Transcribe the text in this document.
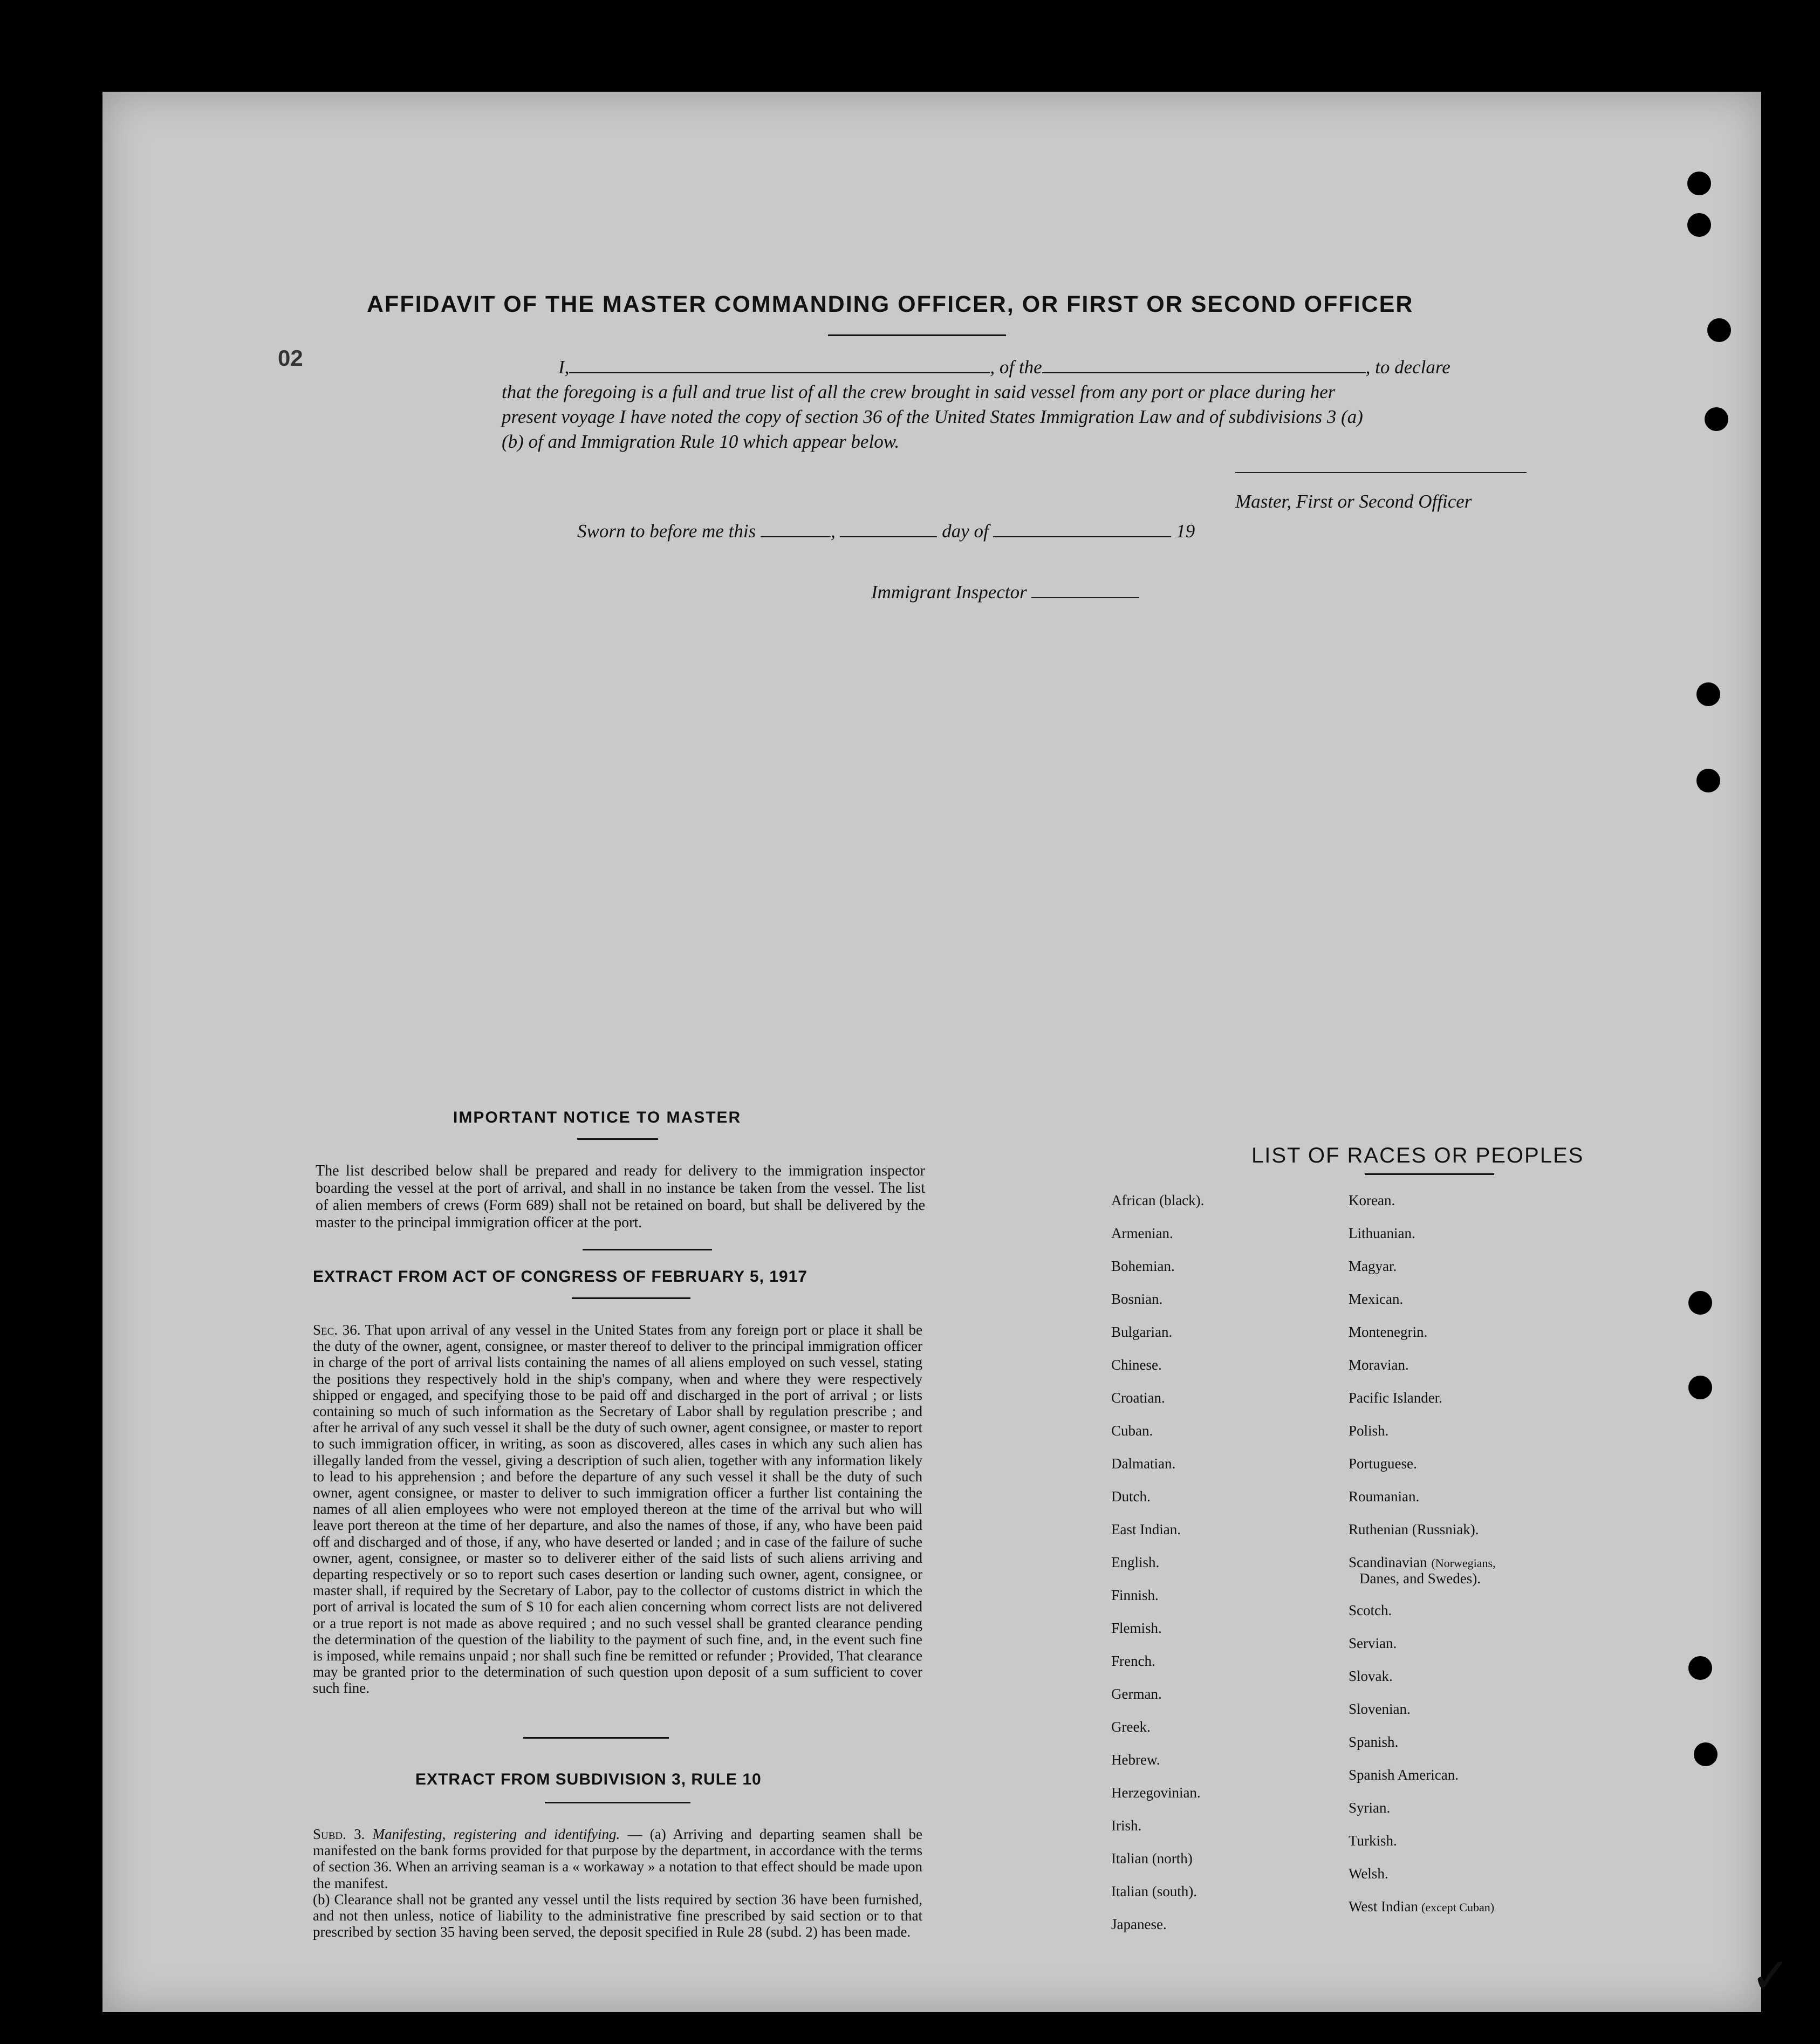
02
AFFIDAVIT OF THE MASTER COMMANDING OFFICER, OR FIRST OR SECOND OFFICER
I,	, of the	, to declare
that the foregoing is a full and true list of all the crew brought in said vessel from any port or place during her
present voyage I have noted the copy of section 36 of the United States Immigration Law and of subdivisions 3 (a)
(b) of and Immigration Rule 10 which appear below.
Master, First or Second Officer
Sworn to before me this	,	day of	19
Immigrant Inspector
IMPORTANT NOTICE TO MASTER
The list described below shall be prepared and ready for delivery to the immigration inspector boarding the vessel at the port of arrival, and shall in no instance be taken from the vessel. The list of alien members of crews (Form 689) shall not be retained on board, but shall be delivered by the master to the principal immigration officer at the port.
EXTRACT FROM ACT OF CONGRESS OF FEBRUARY 5, 1917
Sec. 36. That upon arrival of any vessel in the United States from any foreign port or place it shall be the duty of the owner, agent, consignee, or master thereof to deliver to the principal immigration officer in charge of the port of arrival lists containing the names of all aliens employed on such vessel, stating the positions they respectively hold in the ship's company, when and where they were respectively shipped or engaged, and specifying those to be paid off and discharged in the port of arrival ; or lists containing so much of such information as the Secretary of Labor shall by regulation prescribe ; and after he arrival of any such vessel it shall be the duty of such owner, agent consignee, or master to report to such immigration officer, in writing, as soon as discovered, alles cases in which any such alien has illegally landed from the vessel, giving a description of such alien, together with any information likely to lead to his apprehension ; and before the departure of any such vessel it shall be the duty of such owner, agent consignee, or master to deliver to such immigration officer a further list containing the names of all alien employees who were not employed thereon at the time of the arrival but who will leave port thereon at the time of her departure, and also the names of those, if any, who have been paid off and discharged and of those, if any, who have deserted or landed ; and in case of the failure of suche owner, agent, consignee, or master so to deliverer either of the said lists of such aliens arriving and departing respectively or so to report such cases desertion or landing such owner, agent, consignee, or master shall, if required by the Secretary of Labor, pay to the collector of customs district in which the port of arrival is located the sum of $ 10 for each alien concerning whom correct lists are not delivered or a true report is not made as above required ; and no such vessel shall be granted clearance pending the determination of the question of the liability to the payment of such fine, and, in the event such fine is imposed, while remains unpaid ; nor shall such fine be remitted or refunder ; Provided, That clearance may be granted prior to the determination of such question upon deposit of a sum sufficient to cover such fine.
EXTRACT FROM SUBDIVISION 3, RULE 10
Subd. 3. Manifesting, registering and identifying. — (a) Arriving and departing seamen shall be manifested on the bank forms provided for that purpose by the department, in accordance with the terms of section 36. When an arriving seaman is a « workaway » a notation to that effect should be made upon the manifest.
(b) Clearance shall not be granted any vessel until the lists required by section 36 have been furnished, and not then unless, notice of liability to the administrative fine prescribed by said section or to that prescribed by section 35 having been served, the deposit specified in Rule 28 (subd. 2) has been made.
LIST OF RACES OR PEOPLES
✓
African (black).
Armenian.
Bohemian.
Bosnian.
Bulgarian.
Chinese.
Croatian.
Cuban.
Dalmatian.
Dutch.
East Indian.
English.
Finnish.
Flemish.
French.
German.
Greek.
Hebrew.
Herzegovinian.
Irish.
Italian (north)
Italian (south).
Japanese.
Korean.
Lithuanian.
Magyar.
Mexican.
Montenegrin.
Moravian.
Pacific Islander.
Polish.
Portuguese.
Roumanian.
Ruthenian (Russniak).
Scandinavian (Norwegians,
Danes, and Swedes).
Scotch.
Servian.
Slovak.
Slovenian.
Spanish.
Spanish American.
Syrian.
Turkish.
Welsh.
West Indian (except Cuban)
